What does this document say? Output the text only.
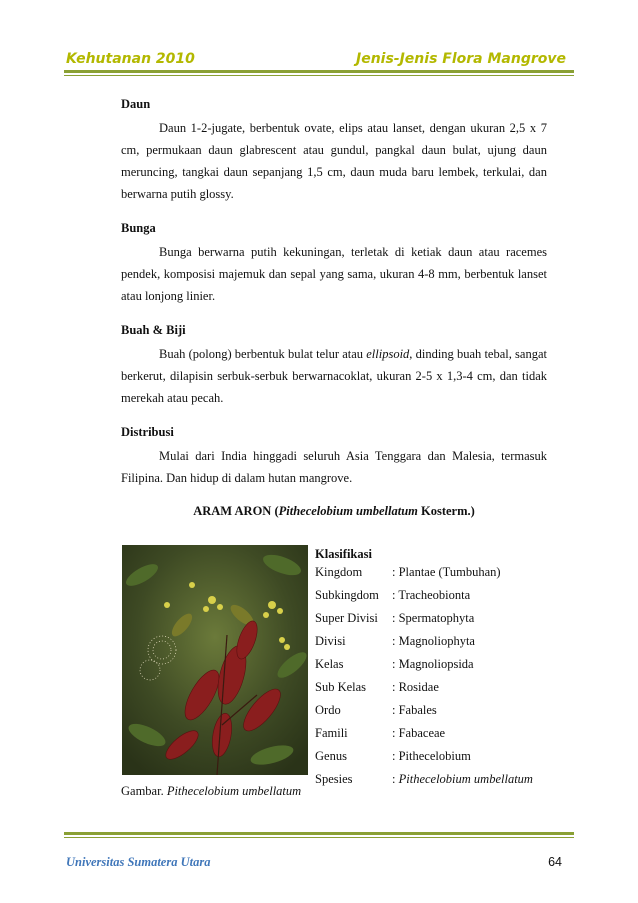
Kehutanan 2010	Jenis-Jenis Flora Mangrove

Daun

Daun 1-2-jugate, berbentuk ovate, elips atau lanset, dengan ukuran 2,5 x 7 cm, permukaan daun glabrescent atau gundul, pangkal daun bulat, ujung daun meruncing, tangkai daun sepanjang 1,5 cm, daun muda baru lembek, terkulai, dan berwarna putih glossy.

Bunga

Bunga berwarna putih kekuningan, terletak di ketiak daun atau racemes pendek, komposisi majemuk dan sepal yang sama, ukuran 4-8 mm, berbentuk lanset atau lonjong linier.

Buah & Biji

Buah (polong) berbentuk bulat telur atau ellipsoid, dinding buah tebal, sangat berkerut, dilapisin serbuk-serbuk berwarnacoklat, ukuran 2-5 x 1,3-4 cm, dan tidak merekah atau pecah.

Distribusi

Mulai dari India hinggadi seluruh Asia Tenggara dan Malesia, termasuk Filipina. Dan hidup di dalam hutan mangrove.

ARAM ARON (Pithecelobium umbellatum Kosterm.)
Gambar. Pithecelobium umbellatum
Klasifikasi
Kingdom	: Plantae (Tumbuhan)
Subkingdom	: Tracheobionta
Super Divisi	: Spermatophyta
Divisi	: Magnoliophyta
Kelas	: Magnoliopsida
Sub Kelas	: Rosidae
Ordo	: Fabales
Famili	: Fabaceae
Genus	: Pithecelobium
Spesies	: Pithecelobium umbellatum
Universitas Sumatera Utara	64
